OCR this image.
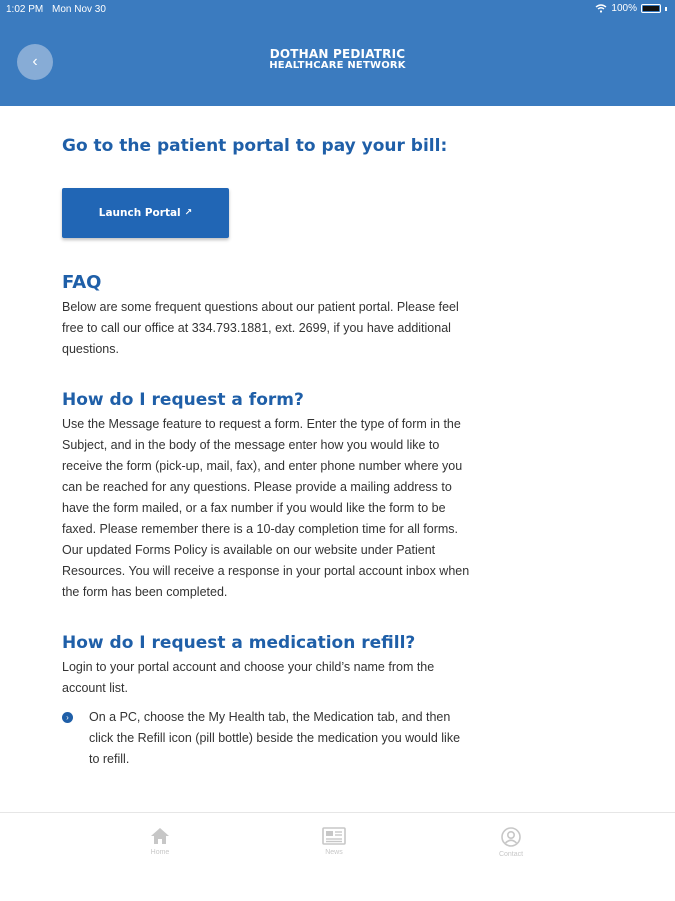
1:02 PM Mon Nov 30	100%
‹	DOTHAN PEDIATRIC
HEALTHCARE NETWORK
Go to the patient portal to pay your bill:
Launch Portal ↗
FAQ

Below are some frequent questions about our patient portal. Please feel free to call our office at 334.793.1881, ext. 2699, if you have additional questions.

How do I request a form?

Use the Message feature to request a form. Enter the type of form in the Subject, and in the body of the message enter how you would like to receive the form (pick-up, mail, fax), and enter phone number where you can be reached for any questions. Please provide a mailing address to have the form mailed, or a fax number if you would like the form to be faxed. Please remember there is a 10-day completion time for all forms. Our updated Forms Policy is available on our website under Patient Resources. You will receive a response in your portal account inbox when the form has been completed.

How do I request a medication refill?

Login to your portal account and choose your child’s name from the account list.

›	On a PC, choose the My Health tab, the Medication tab, and then click the Refill icon (pill bottle) beside the medication you would like to refill.

Home	News	Contact
